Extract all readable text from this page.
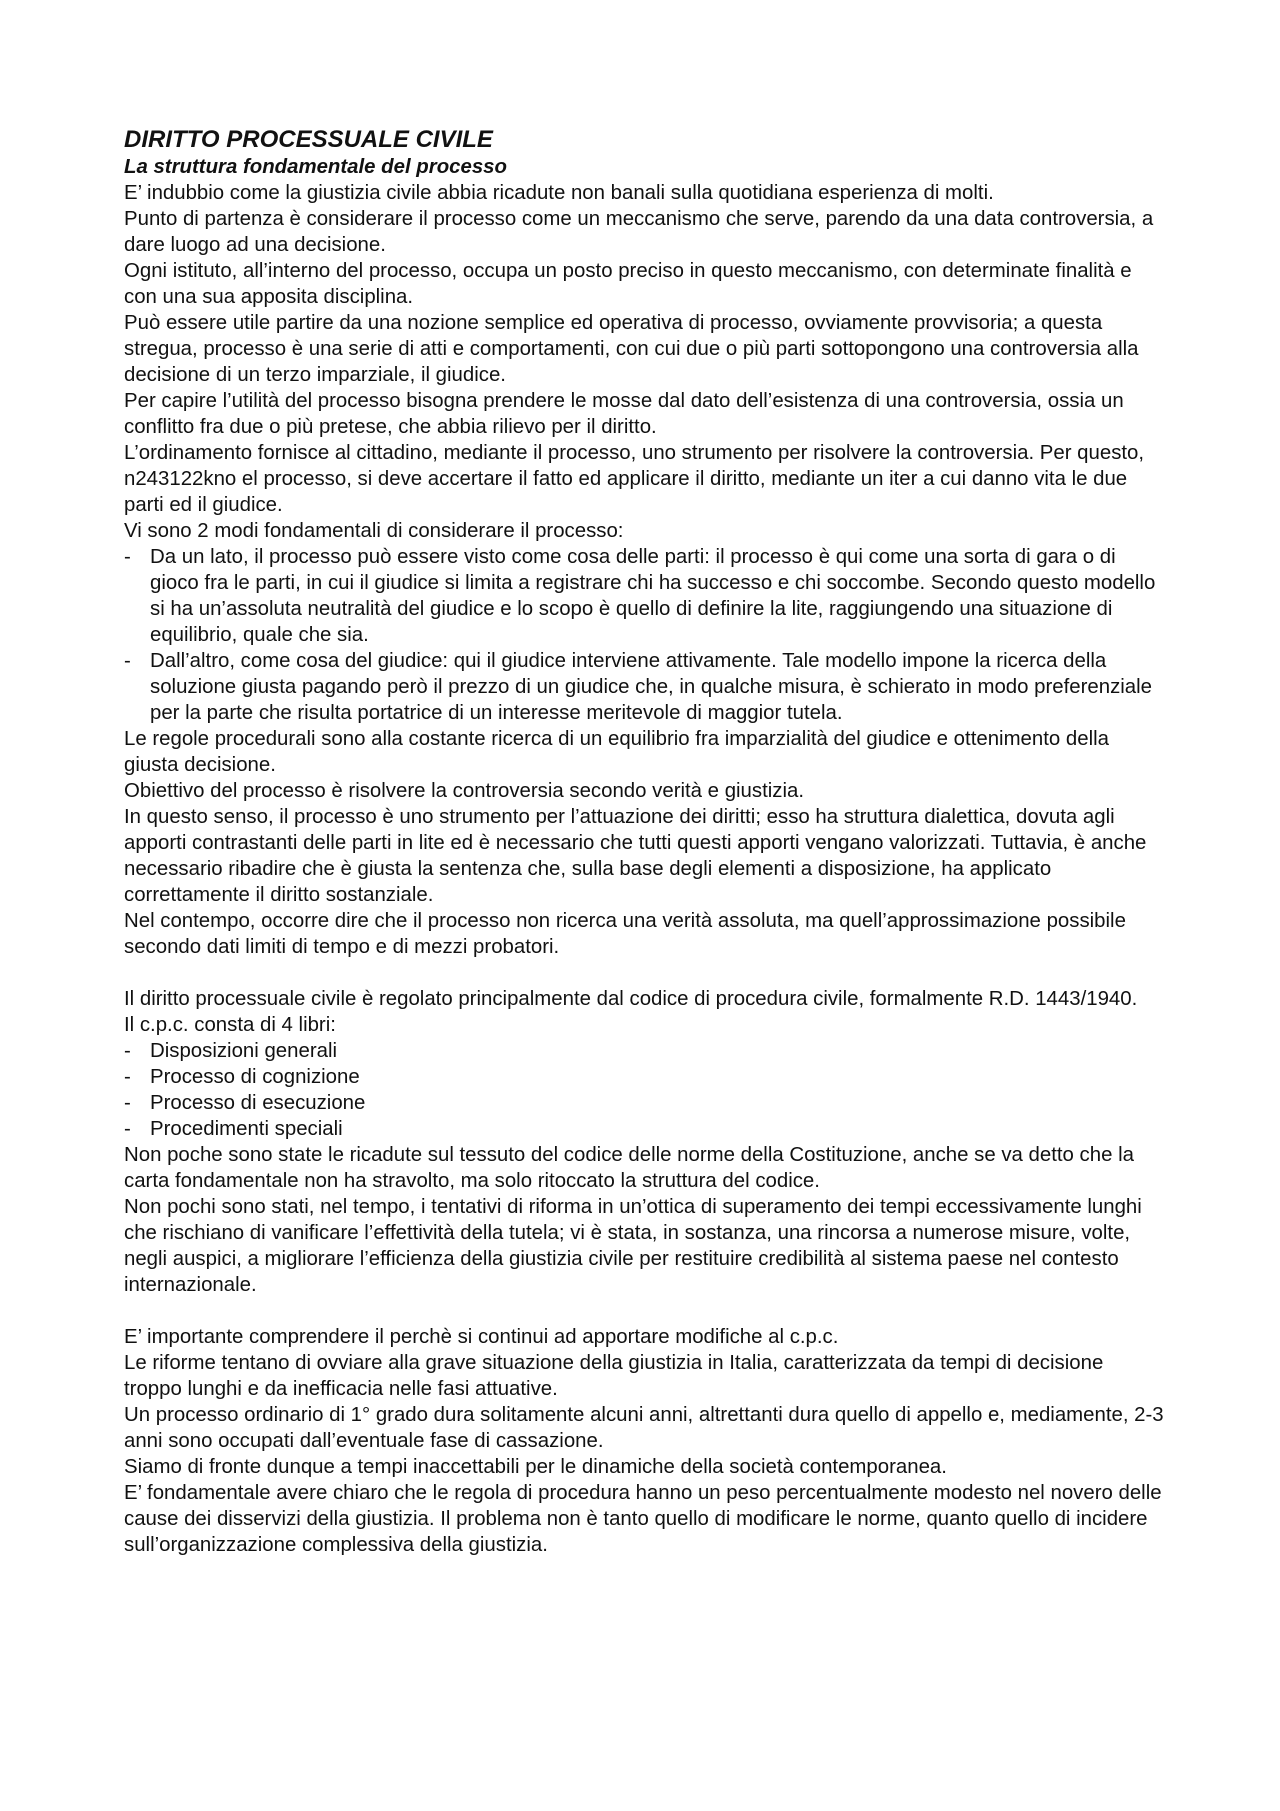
DIRITTO PROCESSUALE CIVILE
La struttura fondamentale del processo

E’ indubbio come la giustizia civile abbia ricadute non banali sulla quotidiana esperienza di molti.

Punto di partenza è considerare il processo come un meccanismo che serve, parendo da una data controversia, a dare luogo ad una decisione.

Ogni istituto, all’interno del processo, occupa un posto preciso in questo meccanismo, con determinate finalità e con una sua apposita disciplina.

Può essere utile partire da una nozione semplice ed operativa di processo, ovviamente provvisoria; a questa stregua, processo è una serie di atti e comportamenti, con cui due o più parti sottopongono una controversia alla decisione di un terzo imparziale, il giudice.

Per capire l’utilità del processo bisogna prendere le mosse dal dato dell’esistenza di una controversia, ossia un conflitto fra due o più pretese, che abbia rilievo per il diritto.

L’ordinamento fornisce al cittadino, mediante il processo, uno strumento per risolvere la controversia. Per questo, n243122kno el processo, si deve accertare il fatto ed applicare il diritto, mediante un iter a cui danno vita le due parti ed il giudice.

Vi sono 2 modi fondamentali di considerare il processo:

- Da un lato, il processo può essere visto come cosa delle parti: il processo è qui come una sorta di gara o di gioco fra le parti, in cui il giudice si limita a registrare chi ha successo e chi soccombe. Secondo questo modello si ha un’assoluta neutralità del giudice e lo scopo è quello di definire la lite, raggiungendo una situazione di equilibrio, quale che sia.
- Dall’altro, come cosa del giudice: qui il giudice interviene attivamente. Tale modello impone la ricerca della soluzione giusta pagando però il prezzo di un giudice che, in qualche misura, è schierato in modo preferenziale per la parte che risulta portatrice di un interesse meritevole di maggior tutela.

Le regole procedurali sono alla costante ricerca di un equilibrio fra imparzialità del giudice e ottenimento della giusta decisione.

Obiettivo del processo è risolvere la controversia secondo verità e giustizia.

In questo senso, il processo è uno strumento per l’attuazione dei diritti; esso ha struttura dialettica, dovuta agli apporti contrastanti delle parti in lite ed è necessario che tutti questi apporti vengano valorizzati. Tuttavia, è anche necessario ribadire che è giusta la sentenza che, sulla base degli elementi a disposizione, ha applicato correttamente il diritto sostanziale.

Nel contempo, occorre dire che il processo non ricerca una verità assoluta, ma quell’approssimazione possibile secondo dati limiti di tempo e di mezzi probatori.

Il diritto processuale civile è regolato principalmente dal codice di procedura civile, formalmente R.D. 1443/1940.

Il c.p.c. consta di 4 libri:

- Disposizioni generali
- Processo di cognizione
- Processo di esecuzione
- Procedimenti speciali

Non poche sono state le ricadute sul tessuto del codice delle norme della Costituzione, anche se va detto che la carta fondamentale non ha stravolto, ma solo ritoccato la struttura del codice.

Non pochi sono stati, nel tempo, i tentativi di riforma in un’ottica di superamento dei tempi eccessivamente lunghi che rischiano di vanificare l’effettività della tutela; vi è stata, in sostanza, una rincorsa a numerose misure, volte, negli auspici, a migliorare l’efficienza della giustizia civile per restituire credibilità al sistema paese nel contesto internazionale.

E’ importante comprendere il perchè si continui ad apportare modifiche al c.p.c.

Le riforme tentano di ovviare alla grave situazione della giustizia in Italia, caratterizzata da tempi di decisione troppo lunghi e da inefficacia nelle fasi attuative.

Un processo ordinario di 1° grado dura solitamente alcuni anni, altrettanti dura quello di appello e, mediamente, 2-3 anni sono occupati dall’eventuale fase di cassazione.

Siamo di fronte dunque a tempi inaccettabili per le dinamiche della società contemporanea.

E’ fondamentale avere chiaro che le regola di procedura hanno un peso percentualmente modesto nel novero delle cause dei disservizi della giustizia. Il problema non è tanto quello di modificare le norme, quanto quello di incidere sull’organizzazione complessiva della giustizia.
